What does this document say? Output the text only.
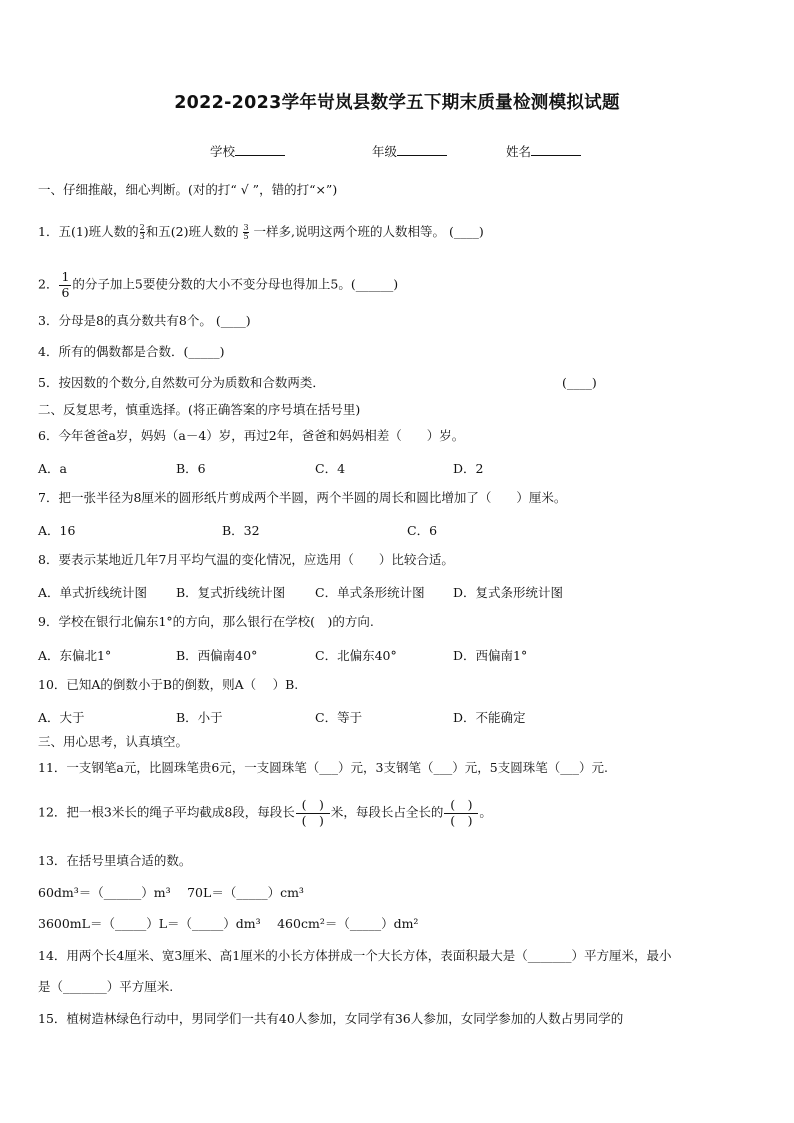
2022-2023学年岢岚县数学五下期末质量检测模拟试题
学校	年级	姓名
一、仔细推敲，细心判断。(对的打“ √ ”，错的打“×”)
1．五(1)班人数的 $\frac{2}{3}$ 和五(2)班人数的 $\frac{3}{5}$ 一样多,说明这两个班的人数相等。 (____)
2． $\frac{1}{6}$ 的分子加上5要使分数的大小不变分母也得加上5。(______)
3．分母是8的真分数共有8个。 (____)
4．所有的偶数都是合数．(_____)
5．按因数的个数分,自然数可分为质数和合数两类．	(____)
二、反复思考，慎重选择。(将正确答案的序号填在括号里)
6．今年爸爸a岁，妈妈（a－4）岁，再过2年，爸爸和妈妈相差（　　）岁。
A．a	B．6	C．4	D．2
7．把一张半径为8厘米的圆形纸片剪成两个半圆，两个半圆的周长和圆比增加了（　　）厘米。
A．16	B．32	C．6
8．要表示某地近几年7月平均气温的变化情况，应选用（　　）比较合适。
A．单式折线统计图 B．复式折线统计图 C．单式条形统计图 D．复式条形统计图
9．学校在银行北偏东1°的方向，那么银行在学校(　)的方向.
A．东偏北1°	B．西偏南40°	C．北偏东40°	D．西偏南1°
10．已知A的倒数小于B的倒数，则A（　 ）B.
A．大于	B．小于	C．等于	D．不能确定
三、用心思考，认真填空。
11．一支钢笔a元，比圆珠笔贵6元，一支圆珠笔（___）元，3支钢笔（___）元，5支圆珠笔（___）元.
12．把一根3米长的绳子平均截成8段，每段长 $\frac{( )}{( )}$ 米，每段长占全长的 $\frac{( )}{( )}$ 。
13．在括号里填合适的数。
60dm³＝（______）m³　 70L＝（_____）cm³
3600mL＝（_____）L＝（_____）dm³　 460cm²＝（_____）dm²
14．用两个长4厘米、宽3厘米、高1厘米的小长方体拼成一个大长方体，表面积最大是（_______）平方厘米，最小
是（_______）平方厘米.
15．植树造林绿色行动中，男同学们一共有40人参加，女同学有36人参加，女同学参加的人数占男同学的
